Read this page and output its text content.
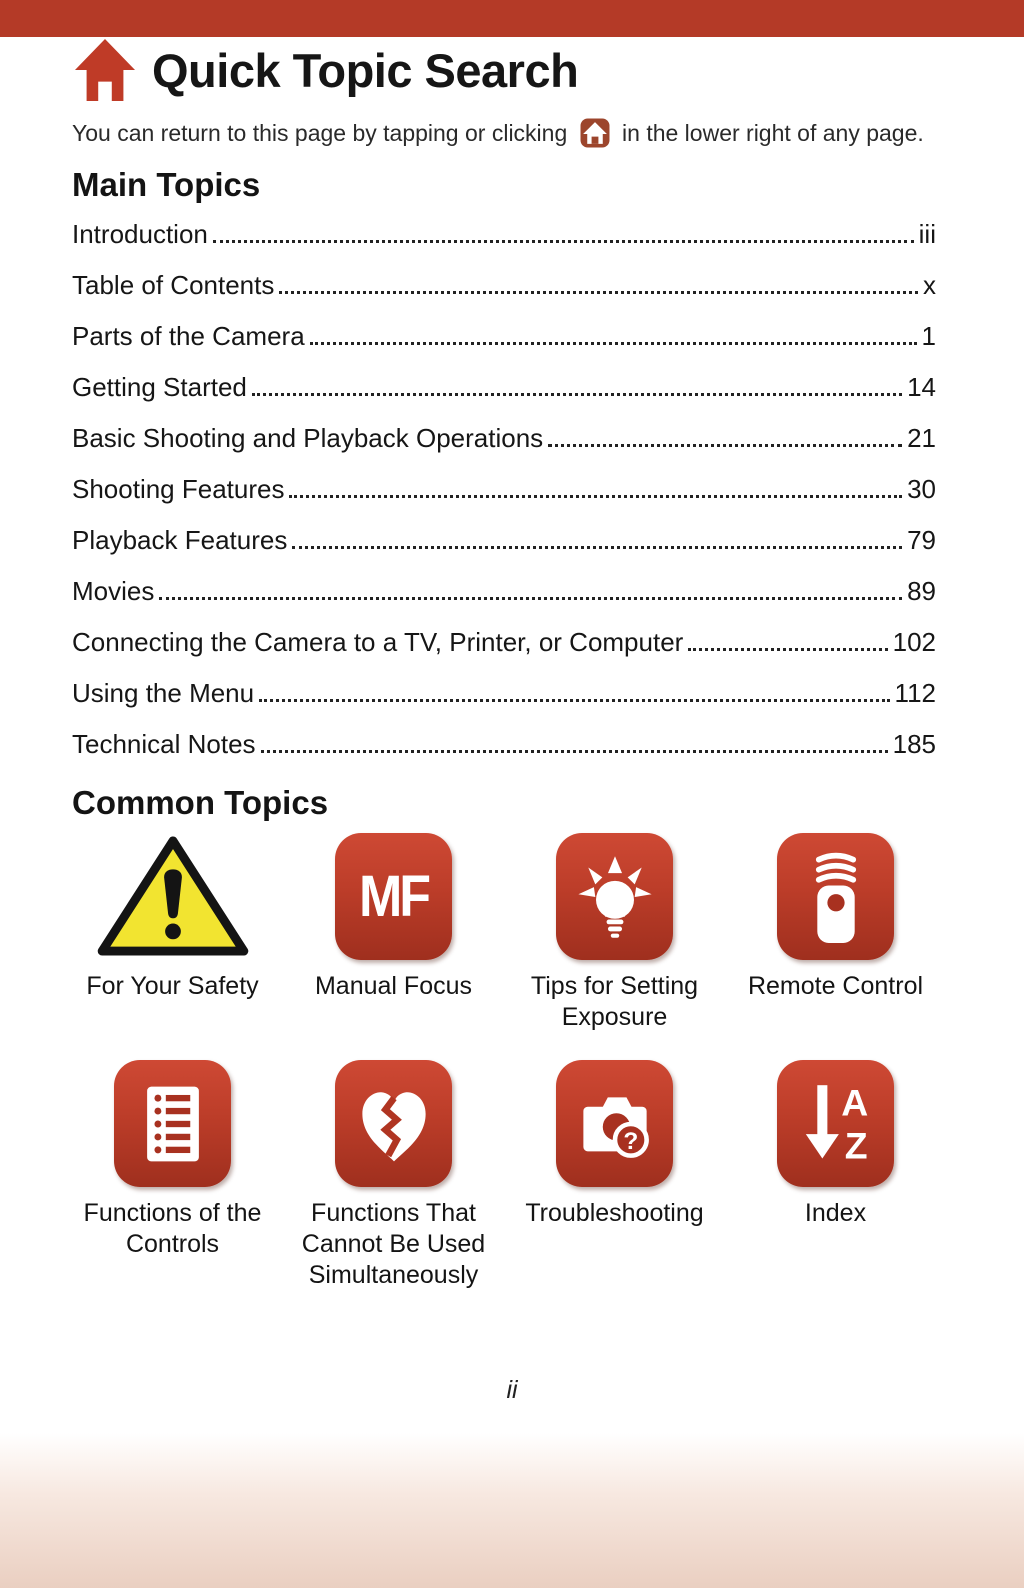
Quick Topic Search
You can return to this page by tapping or clicking in the lower right of any page.
Main Topics
Introduction	iii
Table of Contents	x
Parts of the Camera	1
Getting Started	14
Basic Shooting and Playback Operations	21
Shooting Features	30
Playback Features	79
Movies	89
Connecting the Camera to a TV, Printer, or Computer	102
Using the Menu	112
Technical Notes	185
Common Topics
For Your Safety
MF
Manual Focus	Tips for Setting Exposure
Remote Control
Functions of the Controls
Functions That Cannot Be Used Simultaneously
?
Troubleshooting
A
Z
Index
ii
